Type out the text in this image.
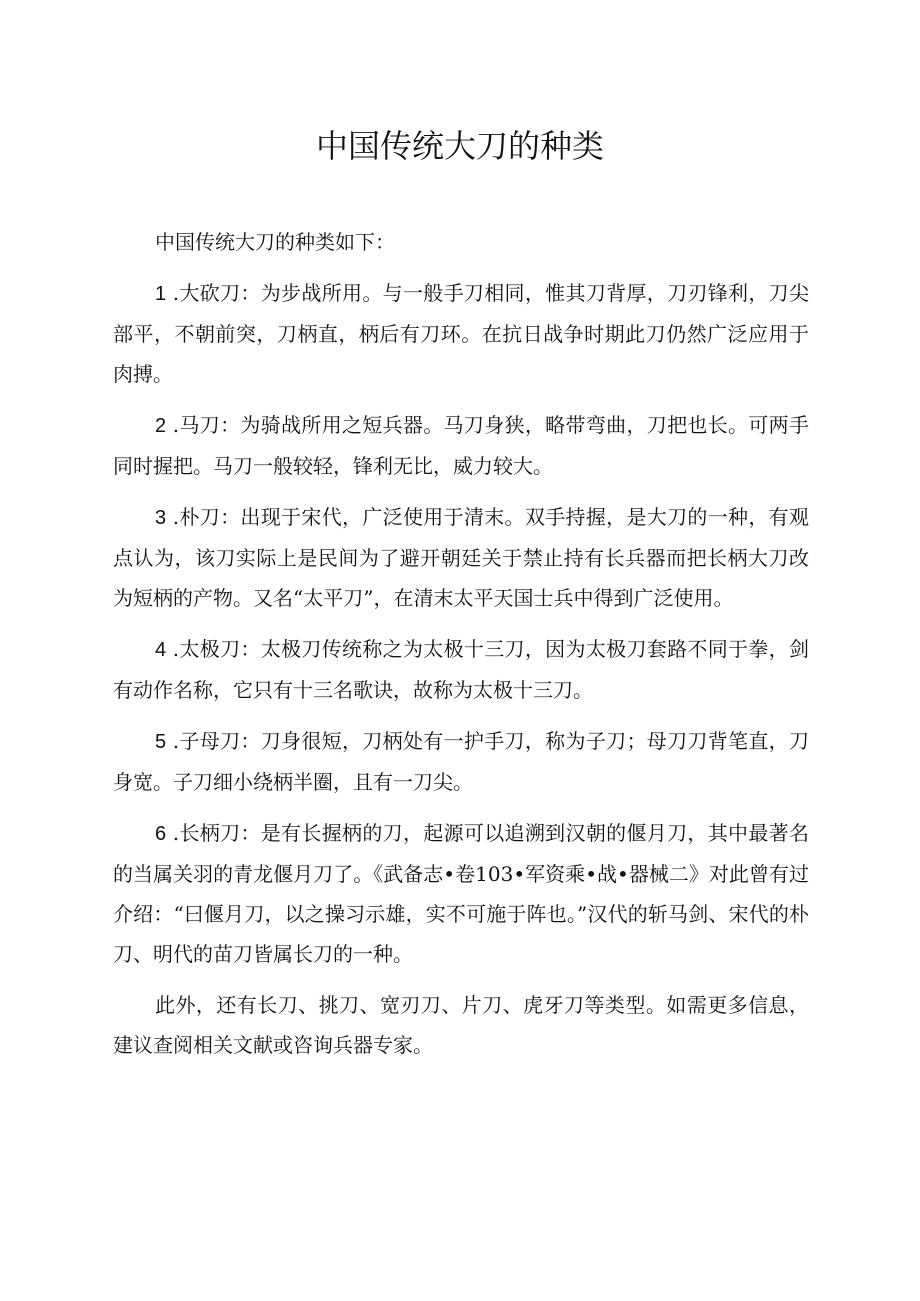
中国传统大刀的种类

中国传统大刀的种类如下：

1 .大砍刀：为步战所用。与一般手刀相同，惟其刀背厚，刀刃锋利，刀尖部平，不朝前突，刀柄直，柄后有刀环。在抗日战争时期此刀仍然广泛应用于肉搏。

2 .马刀：为骑战所用之短兵器。马刀身狭，略带弯曲，刀把也长。可两手同时握把。马刀一般较轻，锋利无比，威力较大。

3 .朴刀：出现于宋代，广泛使用于清末。双手持握，是大刀的一种，有观点认为，该刀实际上是民间为了避开朝廷关于禁止持有长兵器而把长柄大刀改为短柄的产物。又名“太平刀”，在清末太平天国士兵中得到广泛使用。

4 .太极刀：太极刀传统称之为太极十三刀，因为太极刀套路不同于拳，剑有动作名称，它只有十三名歌诀，故称为太极十三刀。

5 .子母刀：刀身很短，刀柄处有一护手刀，称为子刀；母刀刀背笔直，刀身宽。子刀细小绕柄半圈，且有一刀尖。

6 .长柄刀：是有长握柄的刀，起源可以追溯到汉朝的偃月刀，其中最著名的当属关羽的青龙偃月刀了。《武备志•卷103•军资乘•战•器械二》对此曾有过介绍：“曰偃月刀，以之操习示雄，实不可施于阵也。”汉代的斩马剑、宋代的朴刀、明代的苗刀皆属长刀的一种。

此外，还有长刀、挑刀、宽刃刀、片刀、虎牙刀等类型。如需更多信息，建议查阅相关文献或咨询兵器专家。
